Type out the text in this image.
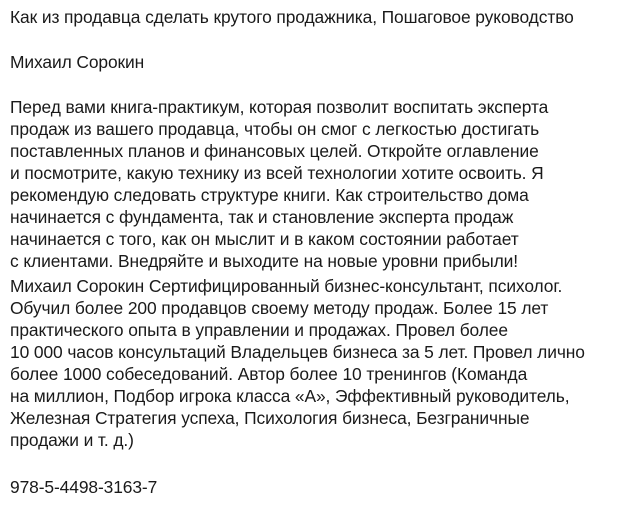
Как из продавца сделать крутого продажника, Пошаговое руководство
Михаил Сорокин
Перед вами книга-практикум, которая позволит воспитать эксперта
продаж из вашего продавца, чтобы он смог с легкостью достигать
поставленных планов и финансовых целей. Откройте оглавление
и посмотрите, какую технику из всей технологии хотите освоить. Я
рекомендую следовать структуре книги. Как строительство дома
начинается с фундамента, так и становление эксперта продаж
начинается с того, как он мыслит и в каком состоянии работает
с клиентами. Внедряйте и выходите на новые уровни прибыли!
Михаил Сорокин Сертифицированный бизнес-консультант, психолог.
Обучил более 200 продавцов своему методу продаж. Более 15 лет
практического опыта в управлении и продажах. Провел более
10 000 часов консультаций Владельцев бизнеса за 5 лет. Провел лично
более 1000 собеседований. Автор более 10 тренингов (Команда
на миллион, Подбор игрока класса «А», Эффективный руководитель,
Железная Стратегия успеха, Психология бизнеса, Безграничные
продажи и т. д.)
978-5-4498-3163-7
